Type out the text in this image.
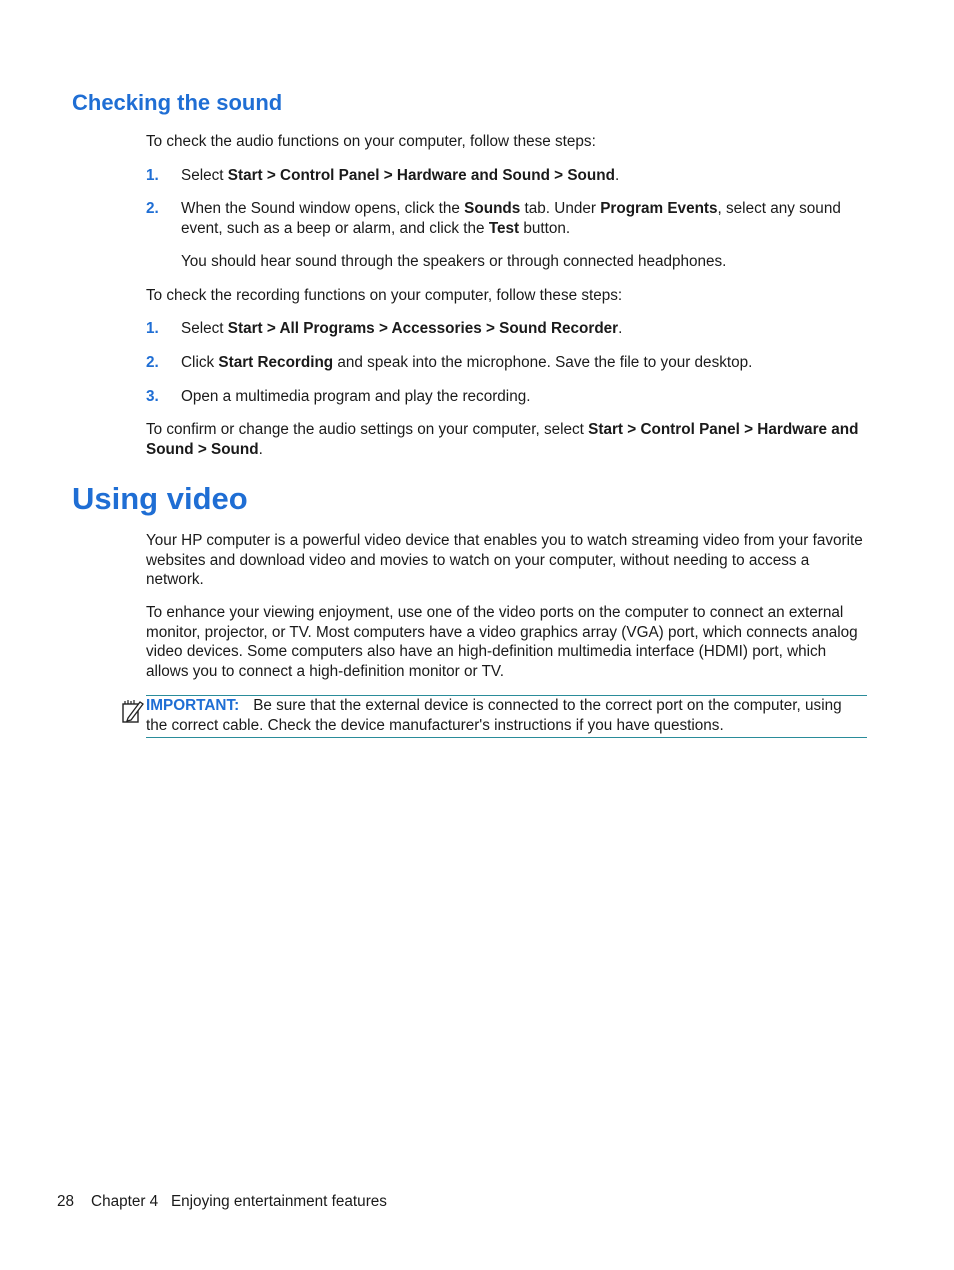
Checking the sound

To check the audio functions on your computer, follow these steps:

1. Select Start > Control Panel > Hardware and Sound > Sound.
2. When the Sound window opens, click the Sounds tab. Under Program Events, select any sound event, such as a beep or alarm, and click the Test button.

You should hear sound through the speakers or through connected headphones.

To check the recording functions on your computer, follow these steps:

1. Select Start > All Programs > Accessories > Sound Recorder.
2. Click Start Recording and speak into the microphone. Save the file to your desktop.
3. Open a multimedia program and play the recording.

To confirm or change the audio settings on your computer, select Start > Control Panel > Hardware and Sound > Sound.

Using video

Your HP computer is a powerful video device that enables you to watch streaming video from your favorite websites and download video and movies to watch on your computer, without needing to access a network.

To enhance your viewing enjoyment, use one of the video ports on the computer to connect an external monitor, projector, or TV. Most computers have a video graphics array (VGA) port, which connects analog video devices. Some computers also have an high-definition multimedia interface (HDMI) port, which allows you to connect a high-definition monitor or TV.

IMPORTANT: Be sure that the external device is connected to the correct port on the computer, using the correct cable. Check the device manufacturer's instructions if you have questions.
28 Chapter 4 Enjoying entertainment features
